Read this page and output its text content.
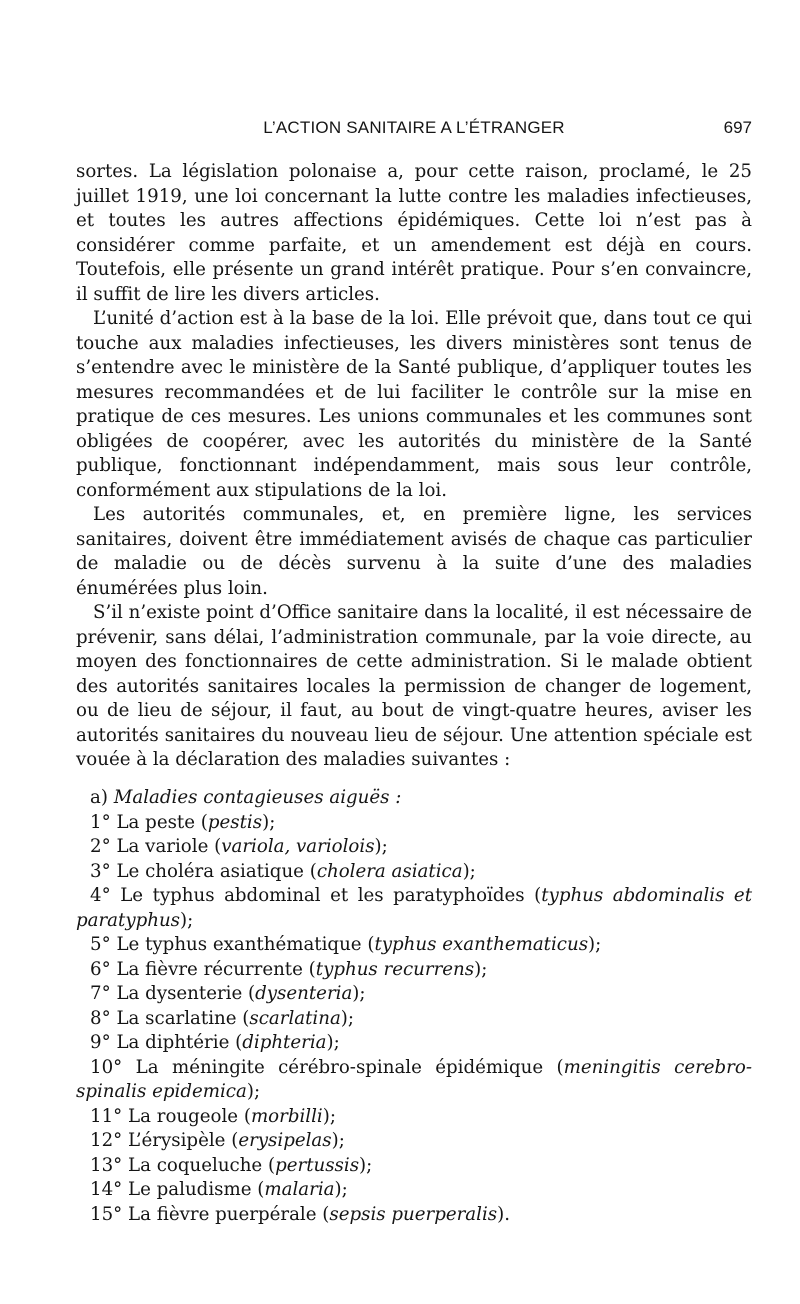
L’ACTION SANITAIRE A L’ÉTRANGER	697

sortes. La législation polonaise a, pour cette raison, proclamé, le 25 juillet 1919, une loi concernant la lutte contre les maladies infectieuses, et toutes les autres affections épidémiques. Cette loi n’est pas à considérer comme parfaite, et un amendement est déjà en cours. Toutefois, elle présente un grand intérêt pratique. Pour s’en convaincre, il suffit de lire les divers articles.

L’unité d’action est à la base de la loi. Elle prévoit que, dans tout ce qui touche aux maladies infectieuses, les divers ministères sont tenus de s’entendre avec le ministère de la Santé publique, d’appliquer toutes les mesures recommandées et de lui faciliter le contrôle sur la mise en pratique de ces mesures. Les unions communales et les communes sont obligées de coopérer, avec les autorités du ministère de la Santé publique, fonctionnant indépendamment, mais sous leur contrôle, conformément aux stipulations de la loi.

Les autorités communales, et, en première ligne, les services sanitaires, doivent être immédiatement avisés de chaque cas particulier de maladie ou de décès survenu à la suite d’une des maladies énumérées plus loin.

S’il n’existe point d’Office sanitaire dans la localité, il est nécessaire de prévenir, sans délai, l’administration communale, par la voie directe, au moyen des fonctionnaires de cette administration. Si le malade obtient des autorités sanitaires locales la permission de changer de logement, ou de lieu de séjour, il faut, au bout de vingt-quatre heures, aviser les autorités sanitaires du nouveau lieu de séjour. Une attention spéciale est vouée à la déclaration des maladies suivantes :

a) Maladies contagieuses aiguës :

1° La peste (pestis);

2° La variole (variola, variolois);

3° Le choléra asiatique (cholera asiatica);

4° Le typhus abdominal et les paratyphoïdes (typhus abdominalis et paratyphus);

5° Le typhus exanthématique (typhus exanthematicus);

6° La fièvre récurrente (typhus recurrens);

7° La dysenterie (dysenteria);

8° La scarlatine (scarlatina);

9° La diphtérie (diphteria);

10° La méningite cérébro-spinale épidémique (meningitis cerebro-spinalis epidemica);

11° La rougeole (morbilli);

12° L’érysipèle (erysipelas);

13° La coqueluche (pertussis);

14° Le paludisme (malaria);

15° La fièvre puerpérale (sepsis puerperalis).
